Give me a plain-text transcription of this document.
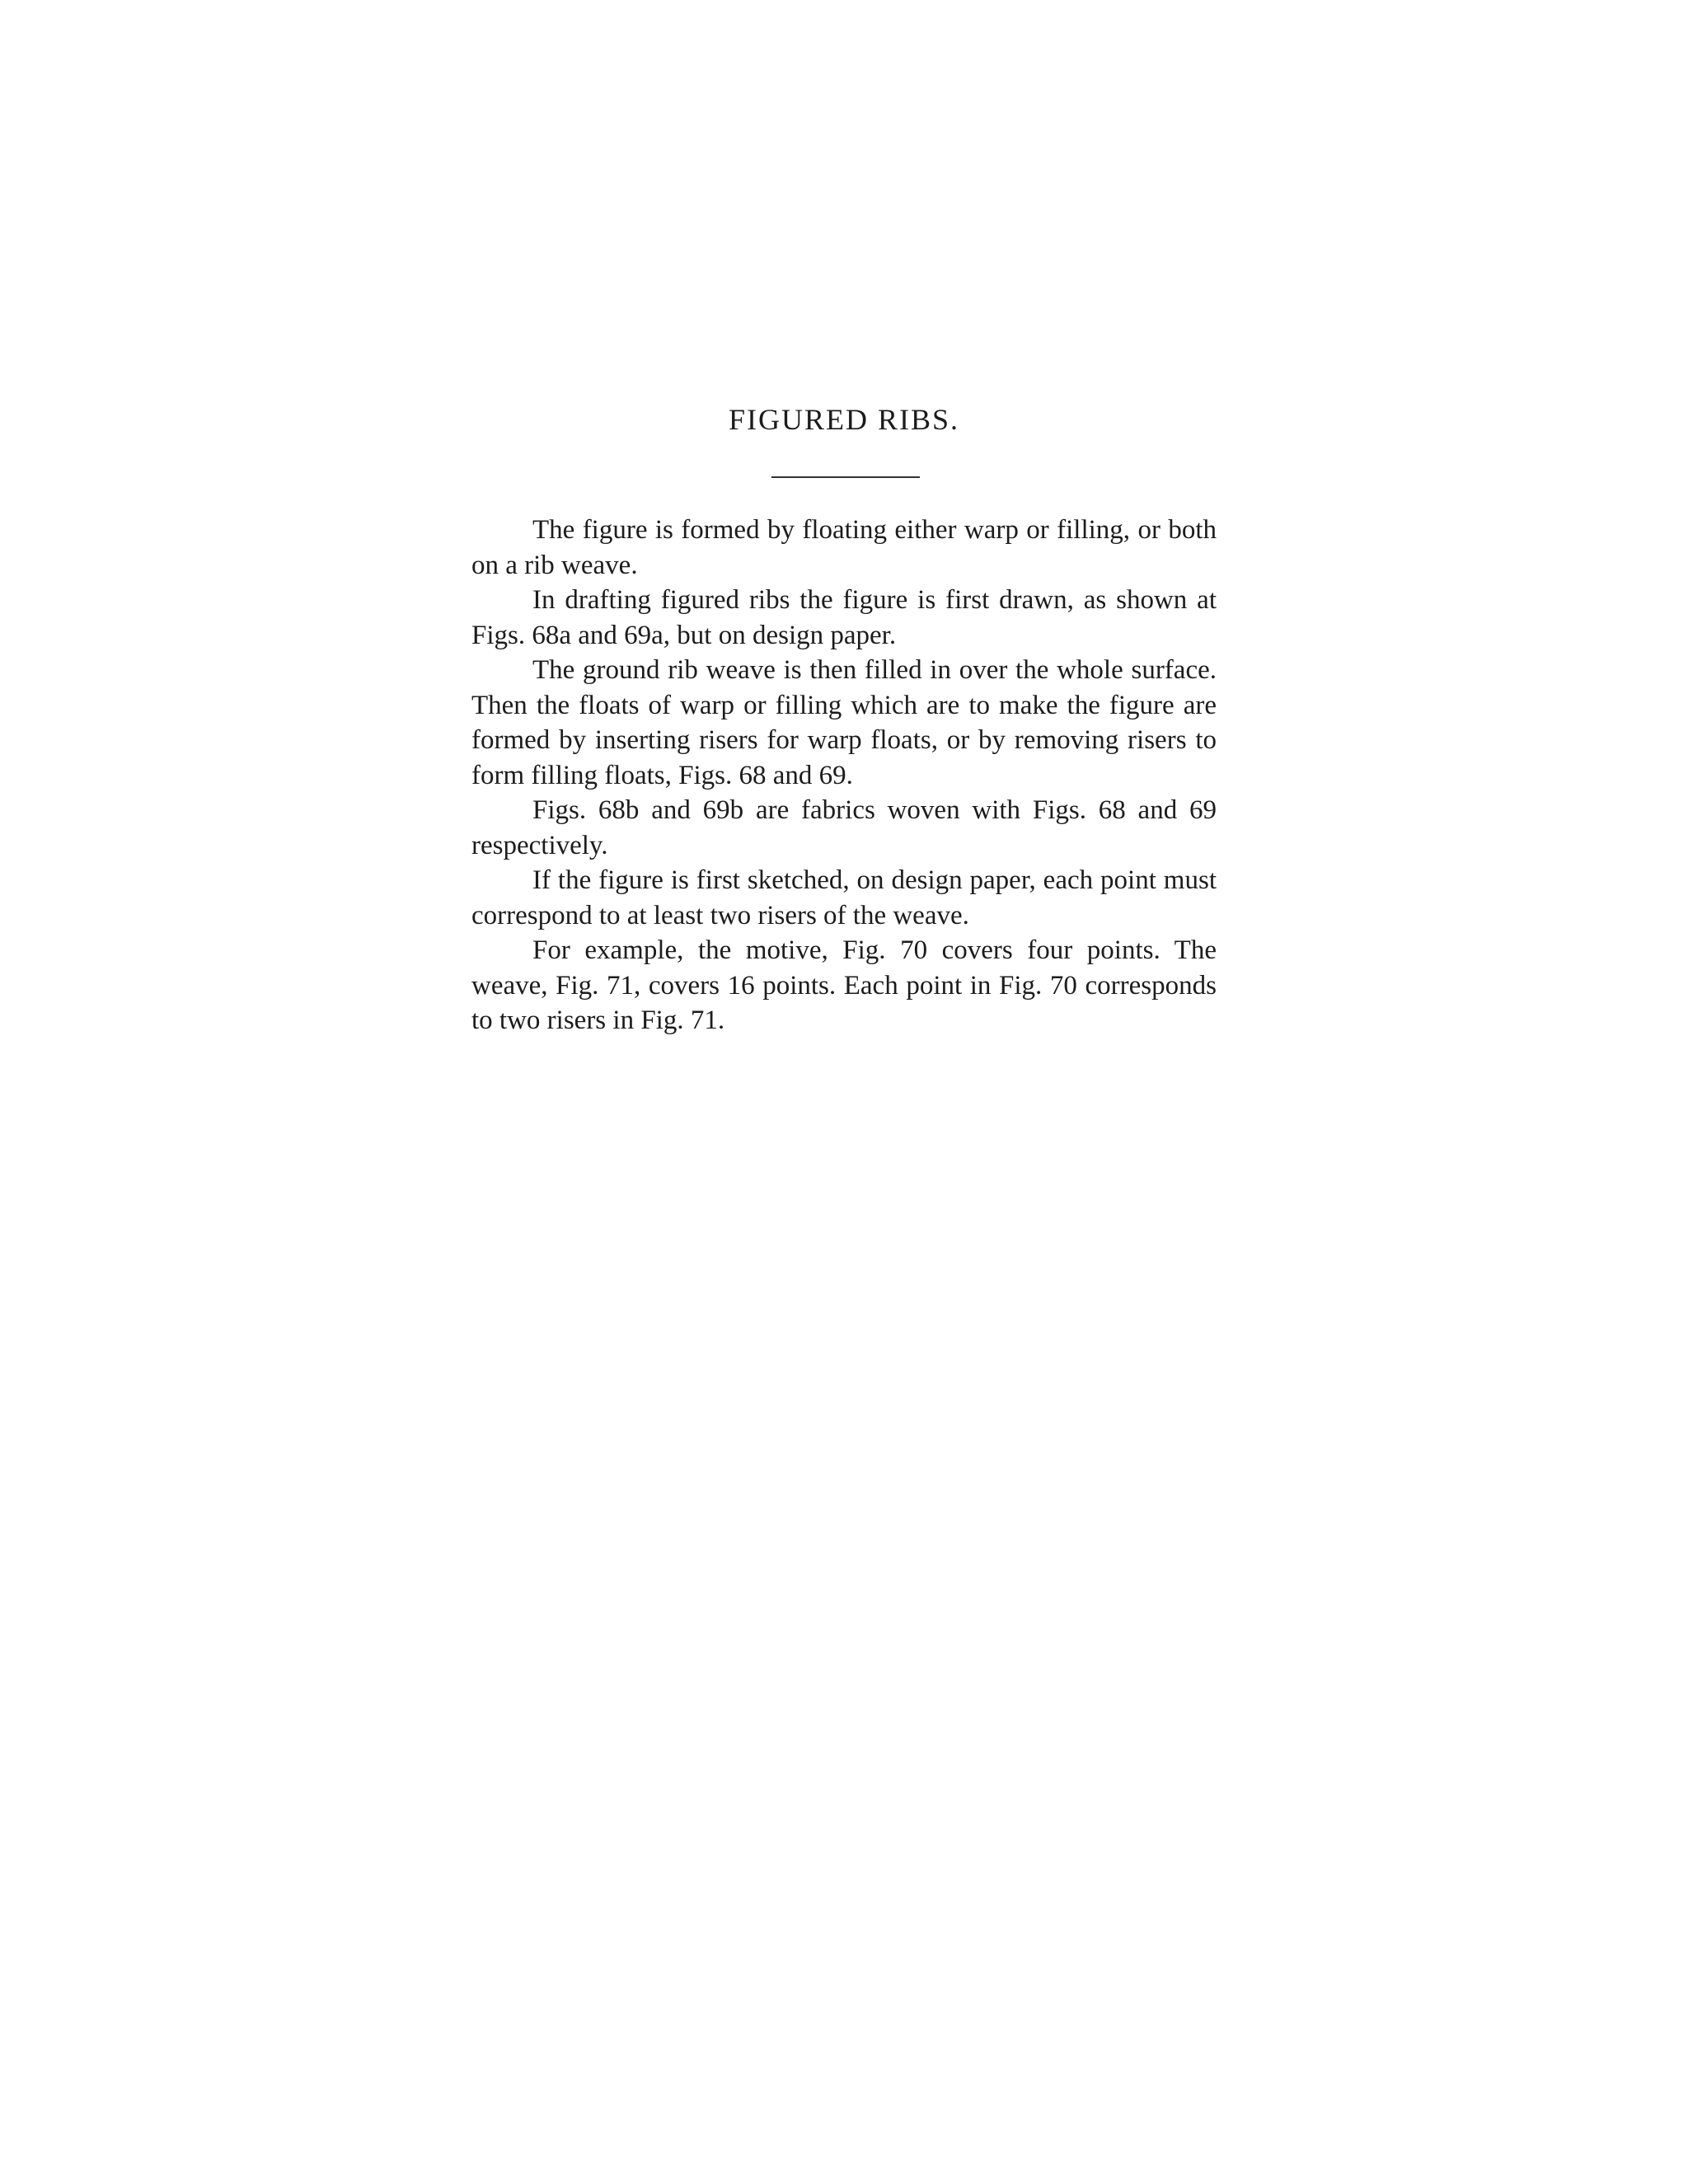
FIGURED RIBS.

The figure is formed by floating either warp or filling, or both on a rib weave.

In drafting figured ribs the figure is first drawn, as shown at Figs. 68a and 69a, but on design paper.

The ground rib weave is then filled in over the whole surface. Then the floats of warp or filling which are to make the figure are formed by inserting risers for warp floats, or by removing risers to form filling floats, Figs. 68 and 69.

Figs. 68b and 69b are fabrics woven with Figs. 68 and 69 respectively.

If the figure is first sketched, on design paper, each point must correspond to at least two risers of the weave.

For example, the motive, Fig. 70 covers four points. The weave, Fig. 71, covers 16 points. Each point in Fig. 70 corresponds to two risers in Fig. 71.
